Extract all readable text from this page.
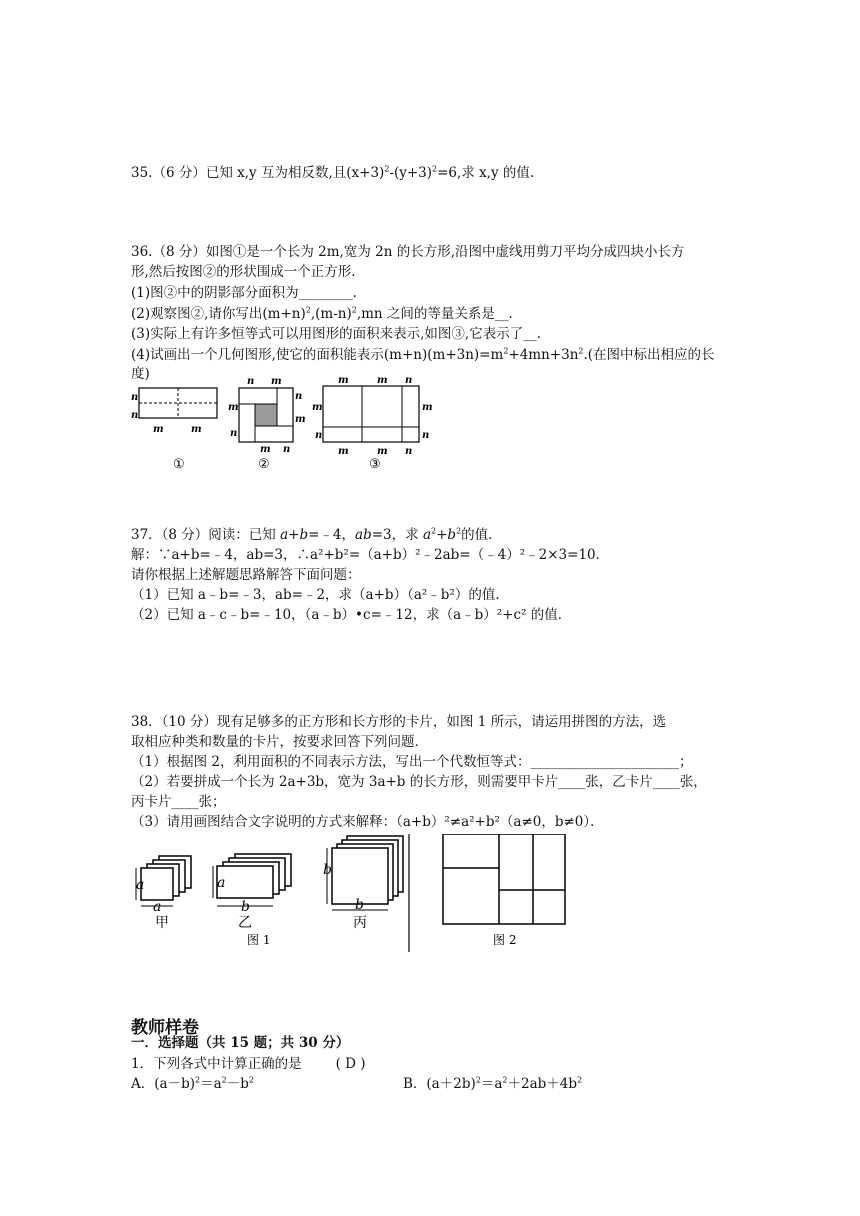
35.（6 分）已知 x,y 互为相反数,且$(x+3)^2-(y+3)^2=6$,求 x,y 的值.
36.（8 分）如图①是一个长为 2m,宽为 2n 的长方形,沿图中虚线用剪刀平均分成四块小长方
形,然后按图②的形状围成一个正方形.
(1)图②中的阴影部分面积为________.
(2)观察图②,请你写出$(m+n)^2,(m-n)^2,mn$ 之间的等量关系是__.
(3)实际上有许多恒等式可以用图形的面积来表示,如图③,它表示了__.
(4)试画出一个几何图形,使它的面积能表示$(m+n)(m+3n)=m^2+4mn+3n^2$.(在图中标出相应的长
度)
n
n
m	m
①
n m
m
n
n
m
m n
②
m	m n
m
n
m
n
m	m n
③
37．（8 分）阅读：已知 a+b=﹣4，ab=3，求 $a^2+b^2$的值．
解：∵a+b=﹣4，ab=3，∴a²+b²=（a+b）²﹣2ab=（﹣4）²﹣2×3=10．
请你根据上述解题思路解答下面问题：
（1）已知 a﹣b=﹣3，ab=﹣2，求（a+b）（a²﹣b²）的值．
（2）已知 a﹣c﹣b=﹣10，（a﹣b）•c=﹣12，求（a﹣b）²+c² 的值．
38．（10 分）现有足够多的正方形和长方形的卡片，如图 1 所示，请运用拼图的方法，选
取相应种类和数量的卡片，按要求回答下列问题．
（1）根据图 2，利用面积的不同表示方法，写出一个代数恒等式：______________________；
（2）若要拼成一个长为 2a+3b，宽为 3a+b 的长方形，则需要甲卡片____张，乙卡片____张，
丙卡片____张；
（3）请用画图结合文字说明的方式来解释：（a+b）²≠a²+b²（a≠0，b≠0）．
a
a
甲
a
b
乙
b
b
丙
图 1	图 2
教师样卷
一．选择题（共 15 题；共 30 分）
1．下列各式中计算正确的是	( D )
A．$(a-b)^2=a^2-b^2$	B．$(a+2b)^2=a^2+2ab+4b^2$
